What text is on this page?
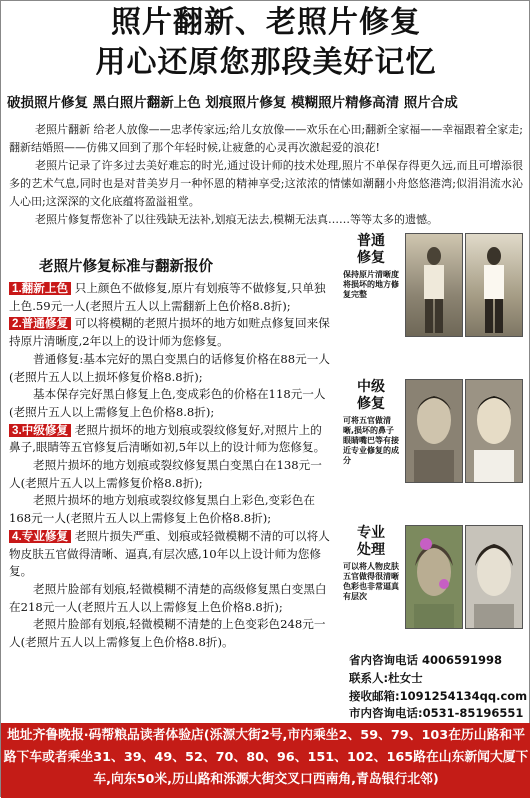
照片翻新、老照片修复
用心还原您那段美好记忆
破损照片修复 黑白照片翻新上色 划痕照片修复 模糊照片精修高清 照片合成
老照片翻新 给老人放像——忠孝传家远;给儿女放像——欢乐在心田;翻新全家福——幸福跟着全家走;翻新结婚照——仿佛又回到了那个年轻时候,让疲惫的心灵再次激起爱的浪花!
老照片记录了许多过去美好难忘的时光,通过设计师的技术处理,照片不单保存得更久远,而且可增添很多的艺术气息,同时也是对昔美岁月一种怀恩的精神享受;这浓浓的情愫如潮翻小舟悠悠港湾;似涓涓流水沁人心田;这深深的文化底蕴将盈溢祖堂。
老照片修复帮您补了以往残缺无法补,划痕无法去,模糊无法真……等等太多的遗憾。
老照片修复标准与翻新报价

1.翻新上色 只上颜色不做修复,原片有划痕等不做修复,只单独上色.59元一人(老照片五人以上需翻新上色价格8.8折);

2.普通修复 可以将模糊的老照片损坏的地方如赃点修复回来保持原片清晰度,2年以上的设计师为您修复。

普通修复:基本完好的黑白变黑白的话修复价格在88元一人(老照片五人以上损坏修复价格8.8折);

基本保存完好黑白修复上色,变成彩色的价格在118元一人(老照片五人以上需修复上色价格8.8折);

3.中级修复 老照片损坏的地方划痕或裂纹修复好,对照片上的鼻子,眼睛等五官修复后清晰如初,5年以上的设计师为您修复。

老照片损坏的地方划痕或裂纹修复黑白变黑白在138元一人(老照片五人以上需修复价格8.8折);

老照片损坏的地方划痕或裂纹修复黑白上彩色,变彩色在168元一人(老照片五人以上需修复上色价格8.8折);

4.专业修复 老照片损失严重、划痕或轻微模糊不清的可以将人物皮肤五官做得清晰、逼真,有层次感,10年以上设计师为您修复。

老照片脸部有划痕,轻微模糊不清楚的高级修复黑白变黑白在218元一人(老照片五人以上需修复上色价格8.8折);

老照片脸部有划痕,轻微模糊不清楚的上色变彩色248元一人(老照片五人以上需修复上色价格8.8折)。

普通
修复
保持原片清晰度将损坏的地方修复完整
中级
修复
可将五官做清晰,损坏的鼻子眼睛嘴巴等有接近专业修复的成分
专业
处理
可以将人物皮肤五官做得很清晰色彩也非常逼真有层次
省内咨询电话 4006591998
联系人:杜女士
接收邮箱:1091254134qq.com
市内咨询电话:0531-85196551
地址齐鲁晚报·码帮粮品读者体验店(泺源大街2号,市内乘坐2、59、79、103在历山路和平路下车或者乘坐31、39、49、52、70、80、96、151、102、165路在山东新闻大厦下车,向东50米,历山路和泺源大街交叉口西南角,青岛银行北邻)
